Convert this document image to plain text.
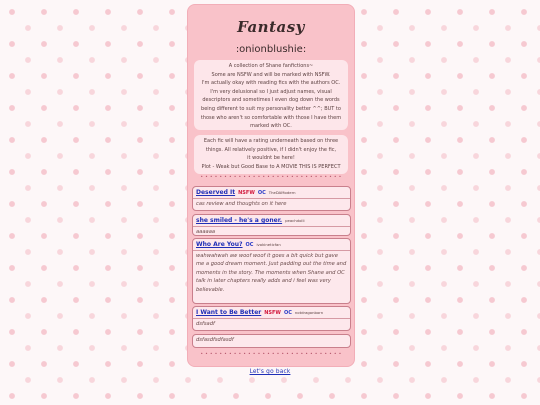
Fantasy
:onionblushie:
A collection of Shane fanfictions~
Some are NSFW and will be marked with NSFW.
I'm actually okay with reading fics with the authors OC.
I'm very delusional so I just adjust names, visual
descriptors and sometimes I even dog down the words
being different to suit my personality better ^^; BUT to
those who aren't so comfortable with those I have them
marked with OC.
Each fic will have a rating underneath based on three
things. All relatively positive, if I didn't enjoy the fic,
it wouldnt be here!
Plot - Weak but Good Base to A MOVIE THIS IS PERFECT
• • • • • • • • • • • • • • • • • • • • • • • • • • • • • •
Deserved It NSFW OC TheDAModern
cas review and thoughts on it here
she smiled - he's a goner. peachdolli
aaaaaa
Who Are You? OC ivokineticfan
wahwahwah aw woof woof it goes a bit quick but gave me a good dream moment. Just padding out the time and moments in the story. The moments when Shane and OC talk in later chapters really adds and i feel was very believable.
I Want to Be Better NSFW OC notdragonborn
dsfsadf
dsfasdfsdfasdf
• • • • • • • • • • • • • • • • • • • • • • • • • • • • • •
Let's go back
